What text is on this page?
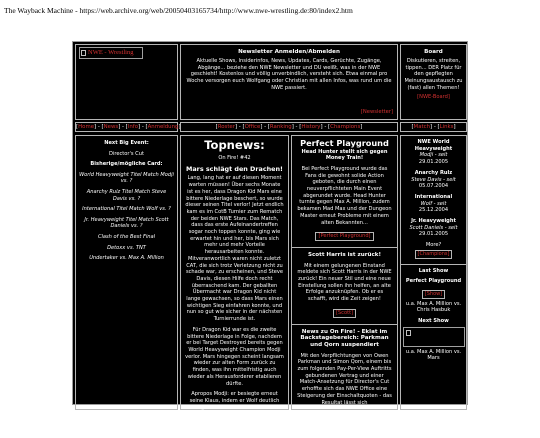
The Wayback Machine - https://web.archive.org/web/20050403165734/http://www.nwe-wrestling.de:80/index2.htm
NWE - Wrestling	Newsletter Anmelden/Abmelden
Aktuelle Shows, Insiderinfos, News, Updates, Cards, Gerüchte, Zugänge, Abgänge... beziehe den NWE Newsletter und DU weißt, was in der NWE geschieht! Kostenlos und völlig unverbindlich, versteht sich. Etwa einmal pro Woche versorgen euch Wolfgang oder Christian mit allen Infos, was rund um die NWE passiert.
[Newsletter]
Board
Diskutieren, streiten, tippen... DER Platz für den gepflegten Meinungsaustausch zu (fast) allen Themen!
[NWE-Board]
[Home] - [News] - [Info] - [Anmeldung]	[Roster] - [Office] - [Ranking] - [History] - [Champions]	[Match] - [Links]
Next Big Event:
Director's Cut
Bisherige/mögliche Card:
World Heavyweight Titel Match Modji vs. ?
Anarchy Rulz Titel Match Steve Davis vs. ?
International Titel Match Wolf vs. ?
Jr. Heavyweight Titel Match Scott Daniels vs. ?
Clash of the Best Final
Detoxx vs. TNT
Undertaker vs. Max A. Million
Topnews:
On Fire! #42
Mars schlägt den Drachen!

Lang, lang hat er auf diesen Moment warten müssen! Über sechs Monate ist es her, dass Dragon Kid Mars eine bittere Niederlage beschert, so wurde dieser seinen Titel verlor! Jetzt endlich kam es im CotB Turnier zum Rematch der beiden NWE Stars. Das Match, dass das erste Aufeinandertreffen sogar noch toppen konnte, ging wie erwartet hin und her, bis Mars sich mehr und mehr Vorteile herausarbeiten konnte. Mitveranwortlich waren nicht zuletzt CAT, die sich trotz Verletzung nicht zu schade war, zu erscheinen, und Steve Davis, diesen Hilfe doch recht überraschend kam. Der geballten Übermacht war Dragon Kid nicht lange gewachsen, so dass Mars einen wichtigen Sieg einfahren konnte, und nun so gut wie sicher in der nächsten Turnierrunde ist.

Für Dragon Kid war es die zweite bittere Niederlage in Folge, nachdem er bei Target Destroyed bereits gegen World Heavyweight Champion Modji verlor. Mars hingegen scheint langsam wieder zur alten Form zurück zu finden, was ihn mittelfristig auch wieder als Herausforderer etablieren dürfte.

Apropos Modji: er besiegte erneut seine Klaus, indem er Wolf deutlich besiegte. Für Wolf endete damit eine mehrmonatige Siegesserie, was den Sieg für Modji nur umso bedeutender machen dürfte. War euch immer der erste Herausforderer sein wird,

Perfect Playground
Head Hunter stellt sich gegen Money Train!

Bei Perfect Playground wurde das Fans die gewohnt solide Action geboten, die durch einen neuverpflichteten Main Event abgerundet wurde. Head Hunter turnte gegen Max A. Million, zudem bekamen Mad Max und der Dungeon Master erneut Probleme mit einem alten Bekannten...

[Perfect Playground]
Scott Harris ist zurück!

Mit einem gelungenen Einstand meldete sich Scott Harris in der NWE zurück! Ein neuer Stil und eine neue Einstellung sollen ihn helfen, an alte Erfolge anzuknüpfen. Ob er es schafft, wird die Zeit zeigen!

[Scott]
News zu On Fire! - Eklat im Backstagebereich: Parkman und Qorn suspendiert

Mit den Verpflichtungen von Owen Parkman und Simon Qorn, einem bis zum folgenden Pay-Per-View Auftritts gebundenen Vertrag und einer Match-Ansetzung für Director's Cut erhoffte sich das NWE Office eine Steigerung der Einschaltquoten - das Resultat lässt sich

NWE World Heavyweight
Modji - seit
29.01.2005
Anarchy Rulz
Steve Davis - seit
05.07.2004
International
Wolf - seit
25.12.2004
Jr. Heavyweight
Scott Daniels - seit
29.01.2005
More?
[Champions]
Last Show
Perfect Playground
[Show]
u.a. Max A. Million vs. Chris Hasbuk
Next Show
u.a. Max A. Million vs. Mars
